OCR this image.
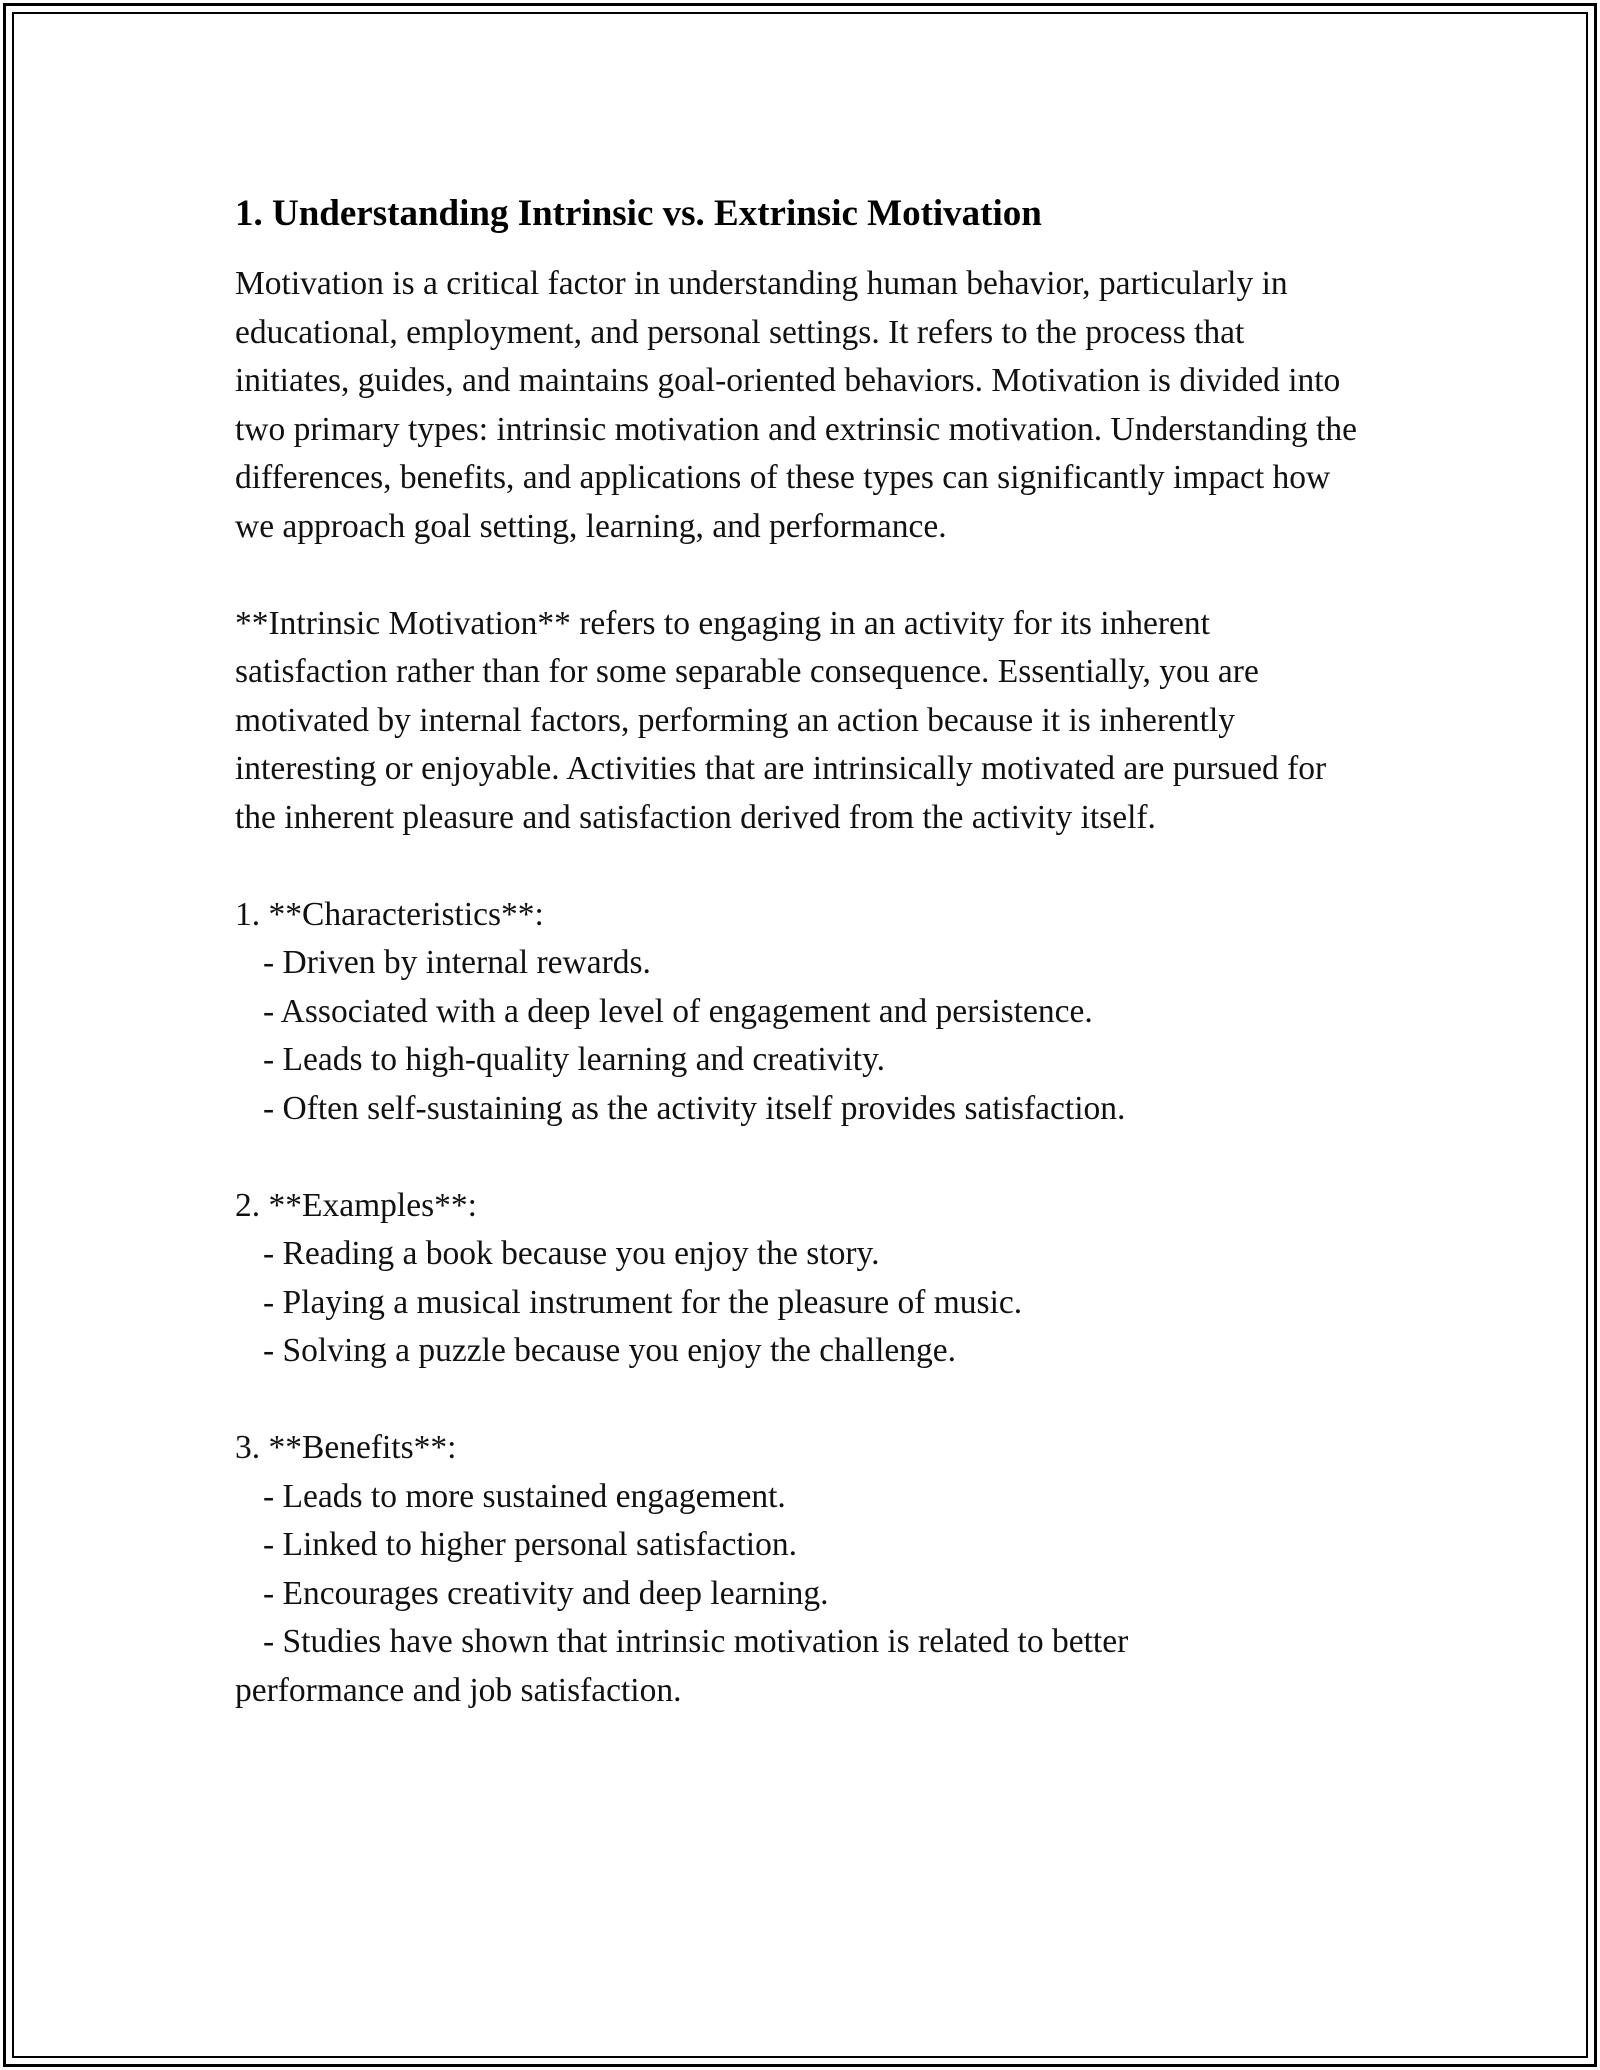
1. Understanding Intrinsic vs. Extrinsic Motivation

Motivation is a critical factor in understanding human behavior, particularly in educational, employment, and personal settings. It refers to the process that initiates, guides, and maintains goal-oriented behaviors. Motivation is divided into two primary types: intrinsic motivation and extrinsic motivation. Understanding the differences, benefits, and applications of these types can significantly impact how we approach goal setting, learning, and performance.

**Intrinsic Motivation** refers to engaging in an activity for its inherent satisfaction rather than for some separable consequence. Essentially, you are motivated by internal factors, performing an action because it is inherently interesting or enjoyable. Activities that are intrinsically motivated are pursued for the inherent pleasure and satisfaction derived from the activity itself.

1. **Characteristics**:
- Driven by internal rewards.
- Associated with a deep level of engagement and persistence.
- Leads to high-quality learning and creativity.
- Often self-sustaining as the activity itself provides satisfaction.
2. **Examples**:
- Reading a book because you enjoy the story.
- Playing a musical instrument for the pleasure of music.
- Solving a puzzle because you enjoy the challenge.
3. **Benefits**:
- Leads to more sustained engagement.
- Linked to higher personal satisfaction.
- Encourages creativity and deep learning.
- Studies have shown that intrinsic motivation is related to better
performance and job satisfaction.
